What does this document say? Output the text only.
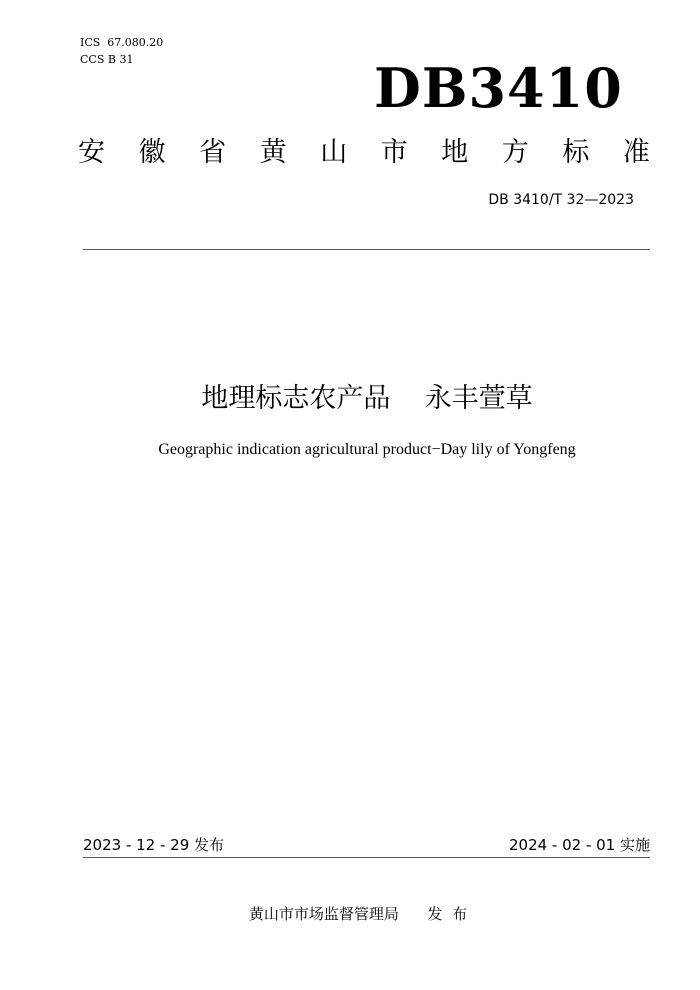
ICS  67.080.20
CCS B 31	DB3410
安 徽 省 黄 山 市 地 方 标 准
DB 3410/T 32—2023
地理标志农产品    永丰萱草
Geographic indication agricultural product−Day lily of Yongfeng
2023 - 12 - 29 发布	2024 - 02 - 01 实施
黄山市市场监督管理局      发  布
